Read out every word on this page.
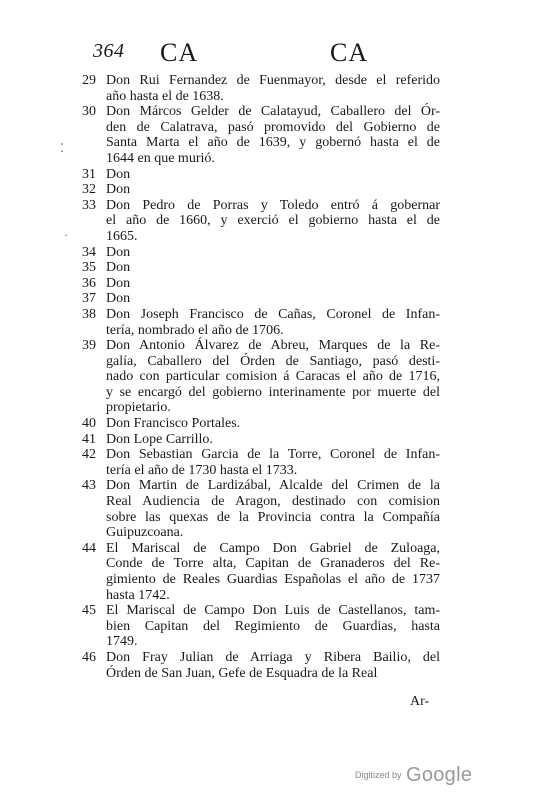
364 CA	CA
⁚
·
29 Don Rui Fernandez de Fuenmayor, desde el referido
año hasta el de 1638.
30 Don Márcos Gelder de Calatayud, Caballero del Ór-
den de Calatrava, pasó promovido del Gobierno de
Santa Marta el año de 1639, y gobernó hasta el de
1644 en que murió.
31 Don
32 Don
33 Don Pedro de Porras y Toledo entró á gobernar
el año de 1660, y exerció el gobierno hasta el de
1665.
34 Don
35 Don
36 Don
37 Don
38 Don Joseph Francisco de Cañas, Coronel de Infan-
tería, nombrado el año de 1706.
39 Don Antonio Álvarez de Abreu, Marques de la Re-
galía, Caballero del Órden de Santiago, pasó desti-
nado con particular comision á Caracas el año de 1716,
y se encargó del gobierno interinamente por muerte del
propietario.
40 Don Francisco Portales.
41 Don Lope Carrillo.
42 Don Sebastian Garcia de la Torre, Coronel de Infan-
tería el año de 1730 hasta el 1733.
43 Don Martin de Lardizábal, Alcalde del Crimen de la
Real Audiencia de Aragon, destinado con comision
sobre las quexas de la Provincia contra la Compañía
Guipuzcoana.
44 El Mariscal de Campo Don Gabriel de Zuloaga,
Conde de Torre alta, Capitan de Granaderos del Re-
gimiento de Reales Guardias Españolas el año de 1737
hasta 1742.
45 El Mariscal de Campo Don Luis de Castellanos, tam-
bien Capitan del Regimiento de Guardias, hasta
1749.
46 Don Fray Julian de Arriaga y Ribera Bailio, del
Órden de San Juan, Gefe de Esquadra de la Real
Ar-
Digitized by Google
